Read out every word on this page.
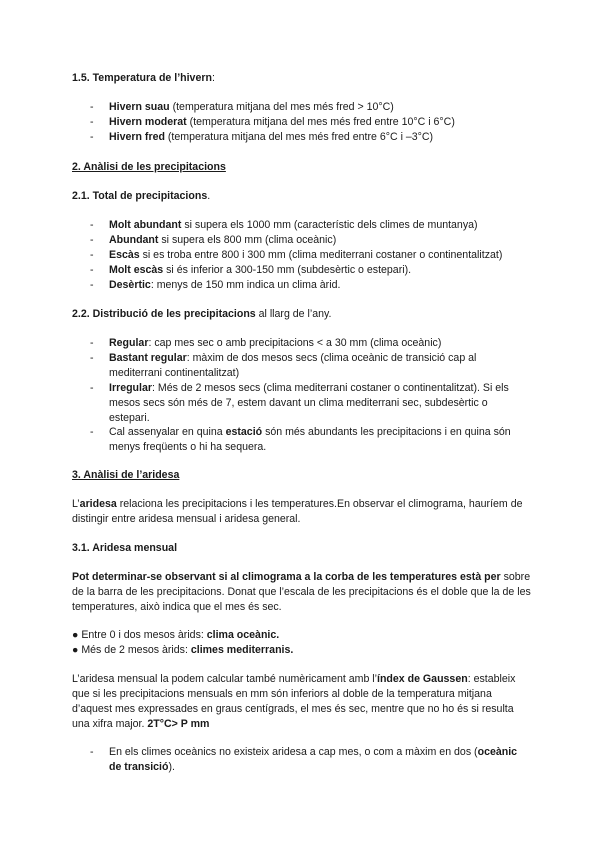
1.5. Temperatura de l’hivern:
- Hivern suau (temperatura mitjana del mes més fred > 10°C)
- Hivern moderat (temperatura mitjana del mes més fred entre 10°C i 6°C)
- Hivern fred (temperatura mitjana del mes més fred entre 6°C i –3°C)
2. Anàlisi de les precipitacions
2.1. Total de precipitacions.
- Molt abundant si supera els 1000 mm (característic dels climes de muntanya)
- Abundant si supera els 800 mm (clima oceànic)
- Escàs si es troba entre 800 i 300 mm (clima mediterrani costaner o continentalitzat)
- Molt escàs si és inferior a 300-150 mm (subdesèrtic o estepari).
- Desèrtic: menys de 150 mm indica un clima àrid.
2.2. Distribució de les precipitacions al llarg de l’any.
- Regular: cap mes sec o amb precipitacions < a 30 mm (clima oceànic)
- Bastant regular: màxim de dos mesos secs (clima oceànic de transició cap al mediterrani continentalitzat)
- Irregular: Més de 2 mesos secs (clima mediterrani costaner o continentalitzat). Si els mesos secs són més de 7, estem davant un clima mediterrani sec, subdesèrtic o estepari.
- Cal assenyalar en quina estació són més abundants les precipitacions i en quina són menys freqüents o hi ha sequera.
3. Anàlisi de l’aridesa
L’aridesa relaciona les precipitacions i les temperatures.En observar el climograma, hauríem de distingir entre aridesa mensual i aridesa general.
3.1. Aridesa mensual
Pot determinar-se observant si al climograma a la corba de les temperatures està per sobre de la barra de les precipitacions. Donat que l’escala de les precipitacions és el doble que la de les temperatures, això indica que el mes és sec.
● Entre 0 i dos mesos àrids: clima oceànic.
● Més de 2 mesos àrids: climes mediterranis.
L’aridesa mensual la podem calcular també numèricament amb l’índex de Gaussen: estableix que si les precipitacions mensuals en mm són inferiors al doble de la temperatura mitjana d’aquest mes expressades en graus centígrads, el mes és sec, mentre que no ho és si resulta una xifra major. 2T°C> P mm
- En els climes oceànics no existeix aridesa a cap mes, o com a màxim en dos (oceànic de transició).
